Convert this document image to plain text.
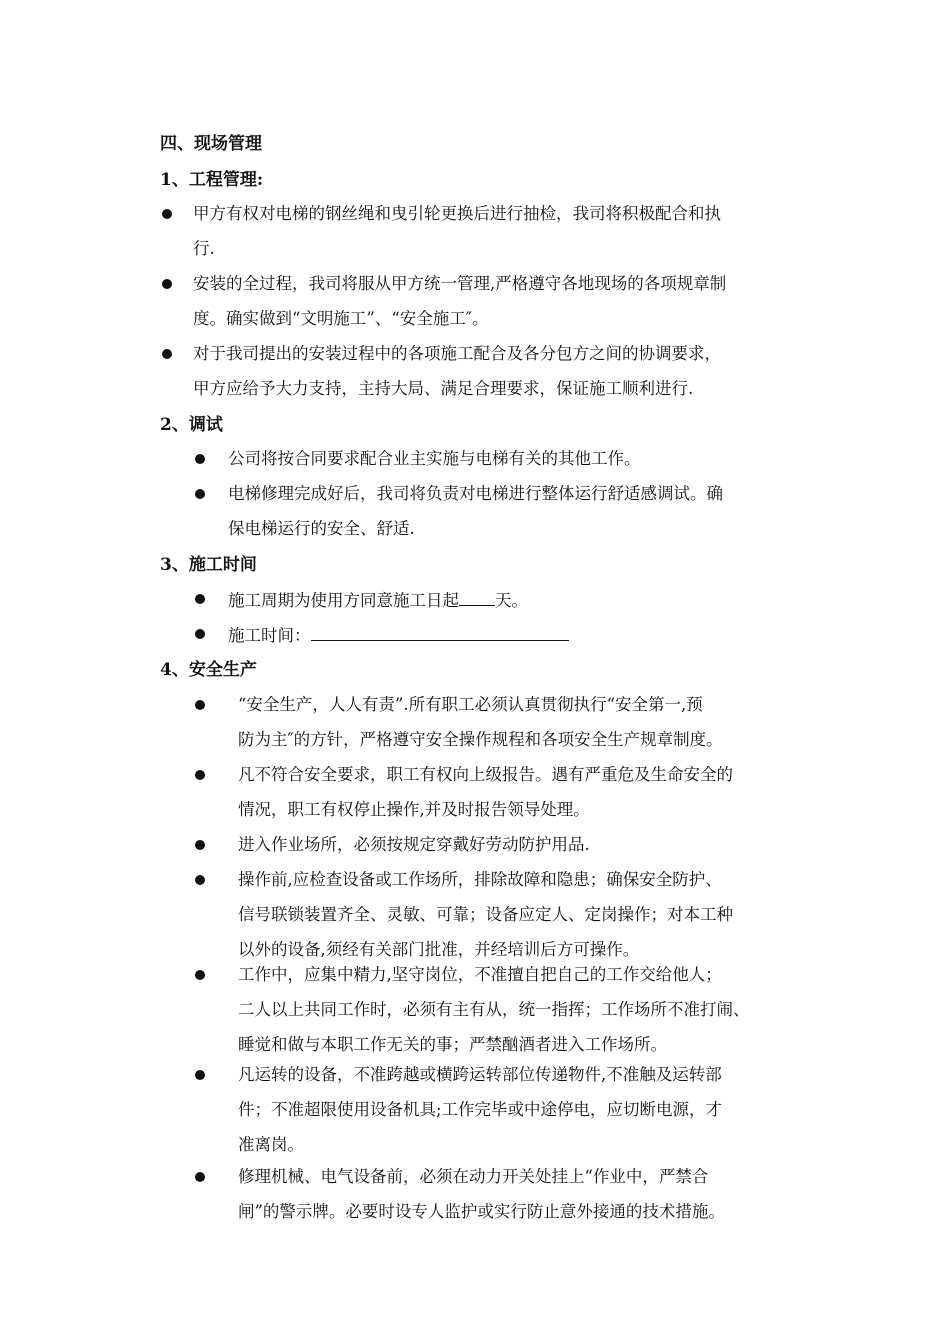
四、现场管理
1、工程管理:
2、调试
3、施工时间
4、安全生产
甲方有权对电梯的钢丝绳和曳引轮更换后进行抽检，我司将积极配合和执
行.
安装的全过程，我司将服从甲方统一管理,严格遵守各地现场的各项规章制
度。确实做到“文明施工”、“安全施工″。
对于我司提出的安装过程中的各项施工配合及各分包方之间的协调要求，
甲方应给予大力支持，主持大局、满足合理要求，保证施工顺利进行.
公司将按合同要求配合业主实施与电梯有关的其他工作。
电梯修理完成好后，我司将负责对电梯进行整体运行舒适感调试。确
保电梯运行的安全、舒适.
施工周期为使用方同意施工日起 天。
施工时间：
“安全生产，人人有责”.所有职工必须认真贯彻执行“安全第一,预
防为主″的方针，严格遵守安全操作规程和各项安全生产规章制度。
凡不符合安全要求，职工有权向上级报告。遇有严重危及生命安全的
情况，职工有权停止操作,并及时报告领导处理。
进入作业场所，必须按规定穿戴好劳动防护用品.
操作前,应检查设备或工作场所，排除故障和隐患；确保安全防护、
信号联锁装置齐全、灵敏、可靠；设备应定人、定岗操作；对本工种
以外的设备,须经有关部门批准，并经培训后方可操作。
工作中，应集中精力,坚守岗位，不准擅自把自己的工作交给他人；
二人以上共同工作时，必须有主有从，统一指挥；工作场所不准打闹、
睡觉和做与本职工作无关的事；严禁酗酒者进入工作场所。
凡运转的设备，不准跨越或横跨运转部位传递物件,不准触及运转部
件；不准超限使用设备机具;工作完毕或中途停电，应切断电源，才
准离岗。
修理机械、电气设备前，必须在动力开关处挂上“作业中，严禁合
闸”的警示牌。必要时设专人监护或实行防止意外接通的技术措施。
